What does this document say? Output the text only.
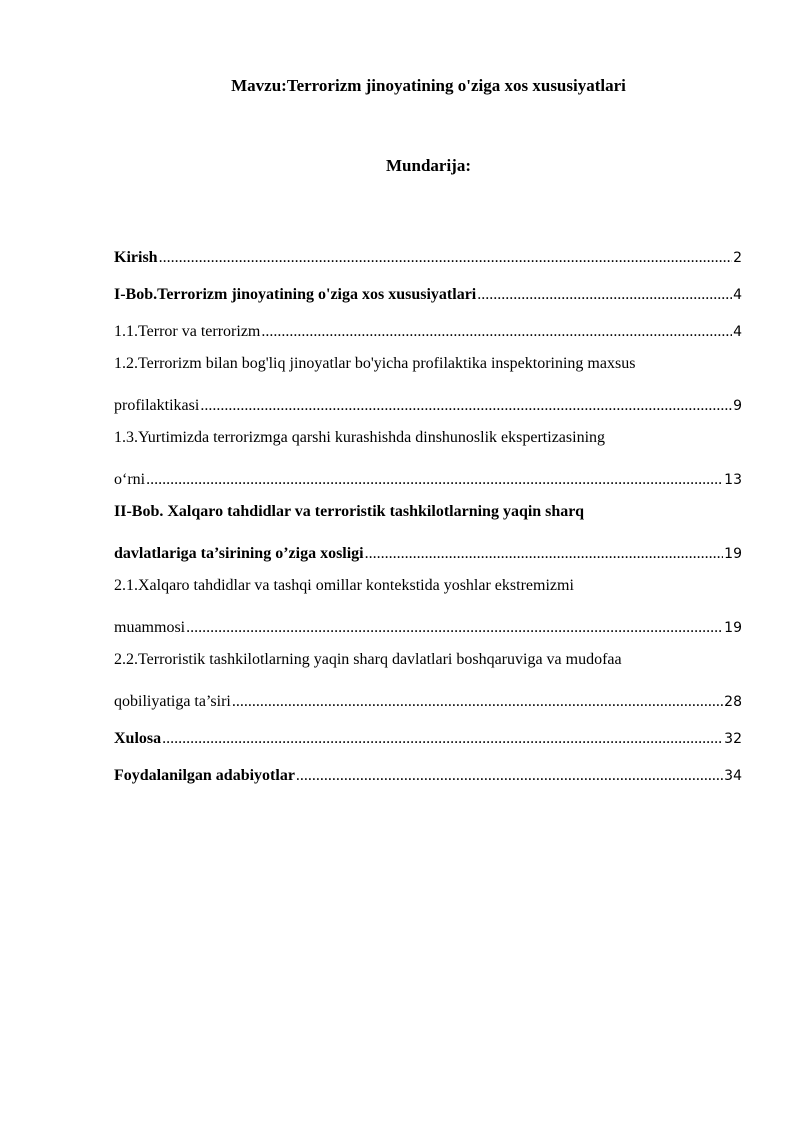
Mavzu:Terrorizm jinoyatining o'ziga xos xususiyatlari
Mundarija:
Kirish .....	2
I-Bob.Terrorizm jinoyatining o'ziga xos xususiyatlari .....	4
1.1.Terror va terrorizm .....	4
1.2.Terrorizm bilan bog'liq jinoyatlar bo'yicha profilaktika inspektorining maxsus
profilaktikasi .....	9
1.3.Yurtimizda terrorizmga qarshi kurashishda dinshunoslik ekspertizasining
o‘rni .....	13
II-Bob. Xalqaro tahdidlar va terroristik tashkilotlarning yaqin sharq
davlatlariga ta’sirining o’ziga xosligi .....	19
2.1.Xalqaro tahdidlar va tashqi omillar kontekstida yoshlar ekstremizmi
muammosi .....	19
2.2.Terroristik tashkilotlarning yaqin sharq davlatlari boshqaruviga va mudofaa
qobiliyatiga ta’siri .....	28
Xulosa .....	32
Foydalanilgan adabiyotlar .....	34
